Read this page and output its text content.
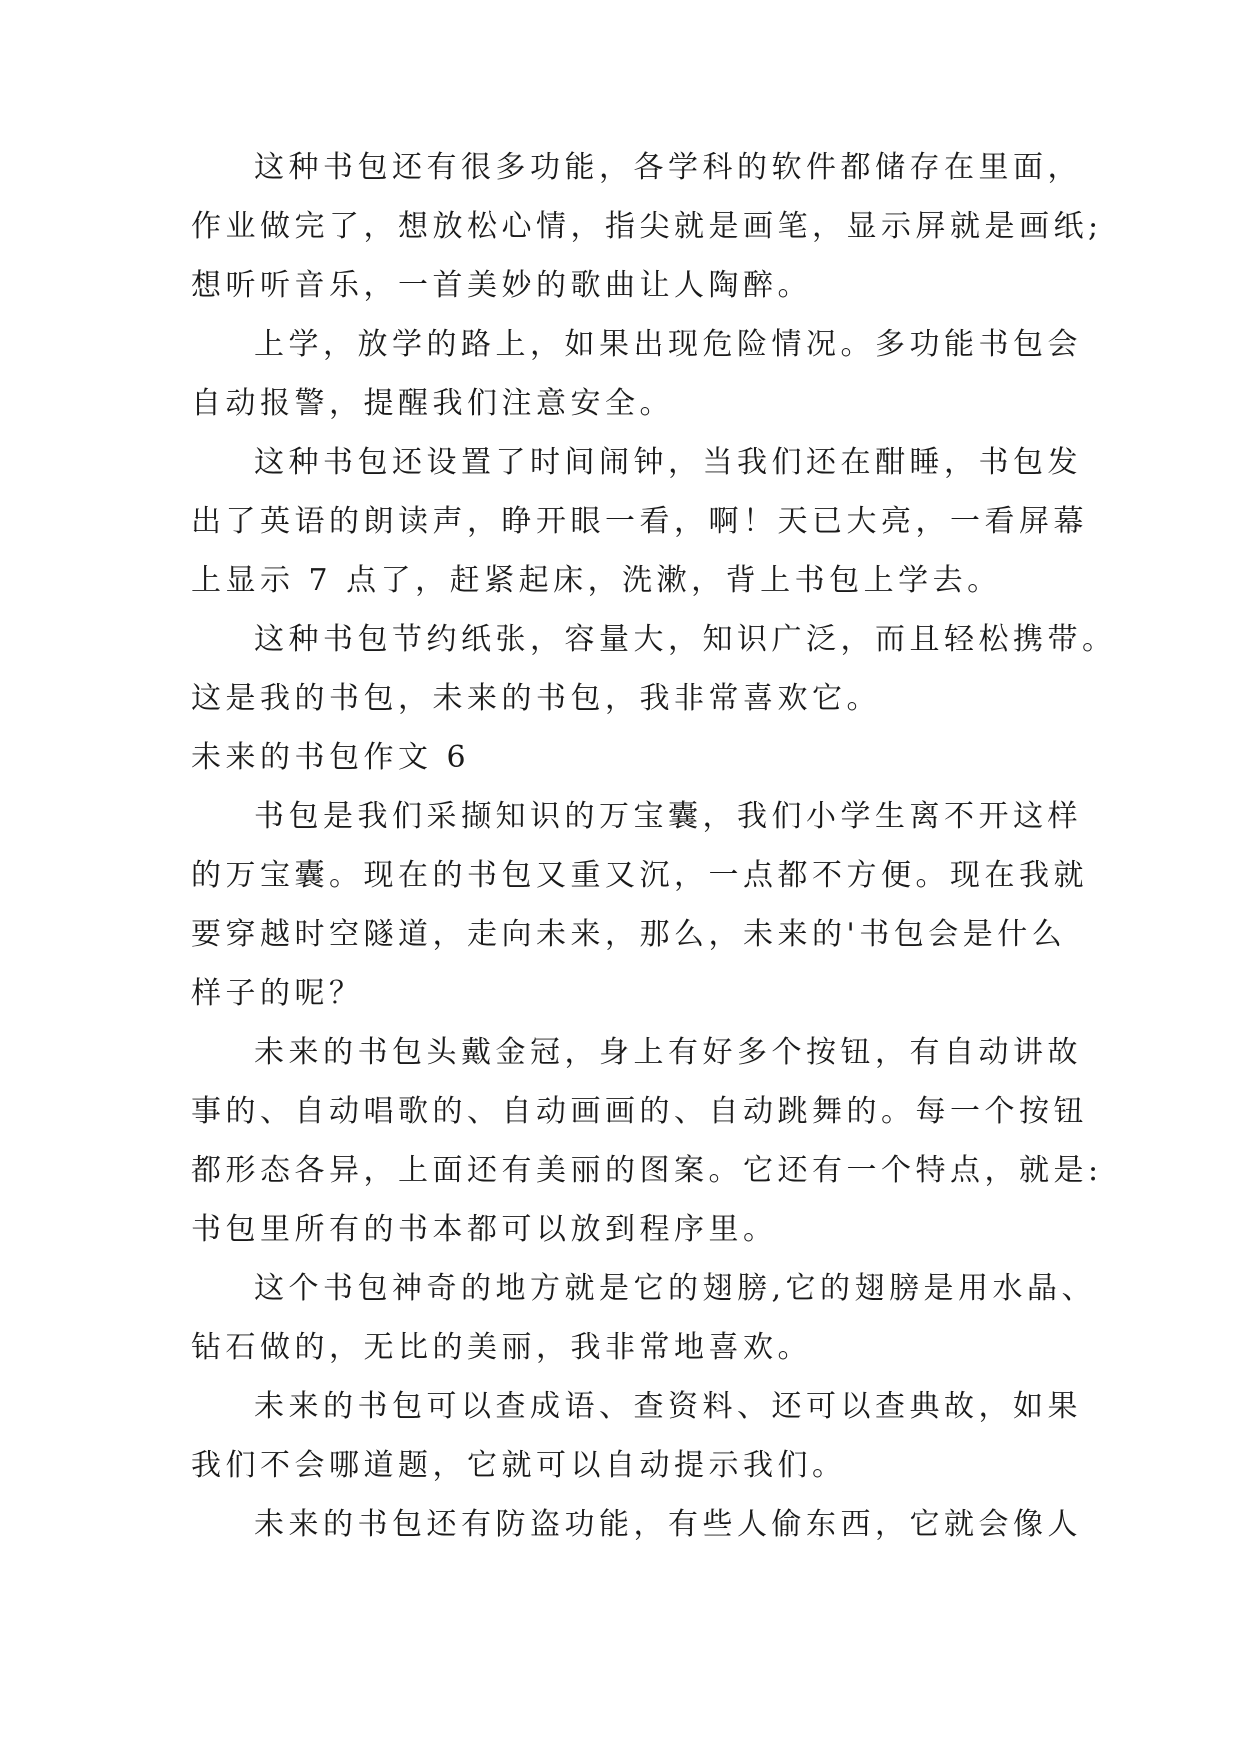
这种书包还有很多功能，各学科的软件都储存在里面，
作业做完了，想放松心情，指尖就是画笔，显示屏就是画纸;
想听听音乐，一首美妙的歌曲让人陶醉。
上学，放学的路上，如果出现危险情况。多功能书包会
自动报警，提醒我们注意安全。
这种书包还设置了时间闹钟，当我们还在酣睡，书包发
出了英语的朗读声，睁开眼一看，啊！天已大亮，一看屏幕
上显示 7 点了，赶紧起床，洗漱，背上书包上学去。
这种书包节约纸张，容量大，知识广泛，而且轻松携带。
这是我的书包，未来的书包，我非常喜欢它。
未来的书包作文 6
书包是我们采撷知识的万宝囊，我们小学生离不开这样
的万宝囊。现在的书包又重又沉，一点都不方便。现在我就
要穿越时空隧道，走向未来，那么，未来的'书包会是什么
样子的呢？
未来的书包头戴金冠，身上有好多个按钮，有自动讲故
事的、自动唱歌的、自动画画的、自动跳舞的。每一个按钮
都形态各异，上面还有美丽的图案。它还有一个特点，就是:
书包里所有的书本都可以放到程序里。
这个书包神奇的地方就是它的翅膀,它的翅膀是用水晶、
钻石做的，无比的美丽，我非常地喜欢。
未来的书包可以查成语、查资料、还可以查典故，如果
我们不会哪道题，它就可以自动提示我们。
未来的书包还有防盗功能，有些人偷东西，它就会像人
